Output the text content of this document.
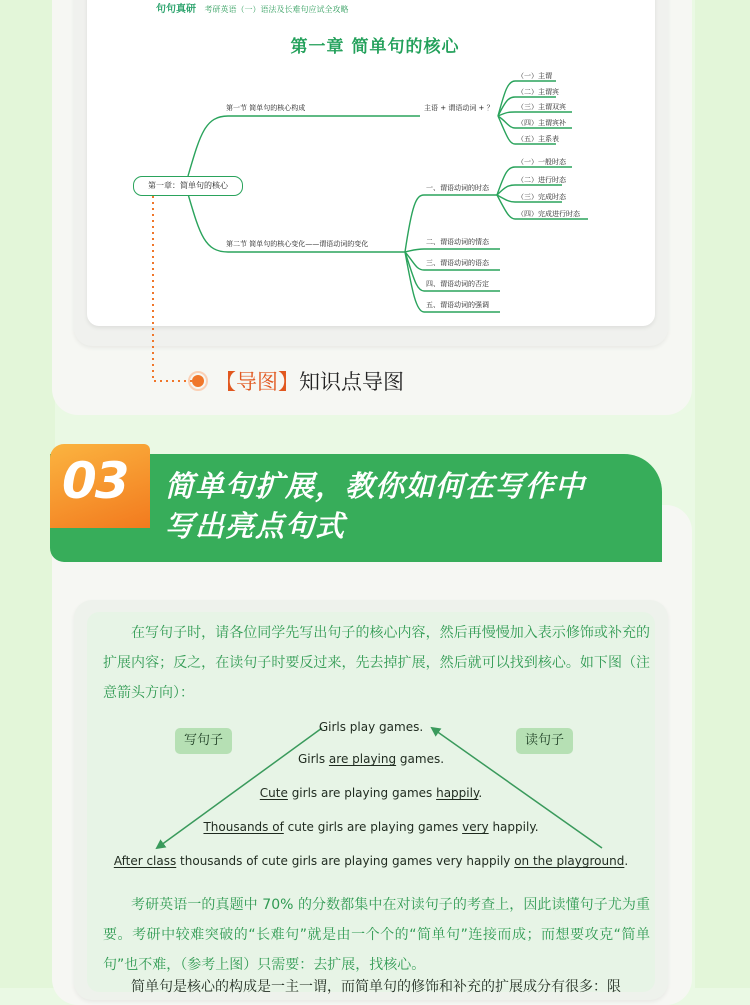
句句真研 考研英语（一）语法及长难句应试全攻略
第一章 简单句的核心
第一章：简单句的核心
第一节 简单句的核心构成	主语 + 谓语动词 + ？
（一）主谓
（二）主谓宾
（三）主谓双宾
（四）主谓宾补
（五）主系表
第二节 简单句的核心变化——谓语动词的变化
一、谓语动词的时态
二、谓语动词的情态
三、谓语动词的语态
四、谓语动词的否定
五、谓语动词的强调
（一）一般时态
（二）进行时态
（三）完成时态
（四）完成进行时态
【导图】知识点导图
03 简单句扩展，教你如何在写作中
写出亮点句式
在写句子时，请各位同学先写出句子的核心内容，然后再慢慢加入表示修饰或补充的扩展内容；反之，在读句子时要反过来，先去掉扩展，然后就可以找到核心。如下图（注意箭头方向）：
写句子	读句子
Girls play games.
Girls are playing games.
Cute girls are playing games happily.
Thousands of cute girls are playing games very happily.
After class thousands of cute girls are playing games very happily on the playground.
考研英语一的真题中 70% 的分数都集中在对读句子的考查上，因此读懂句子尤为重要。考研中较难突破的“长难句”就是由一个个的“简单句”连接而成；而想要攻克“简单句”也不难，（参考上图）只需要：去扩展，找核心。
简单句是核心的构成是一主一谓，而简单句的修饰和补充的扩展成分有很多：限
